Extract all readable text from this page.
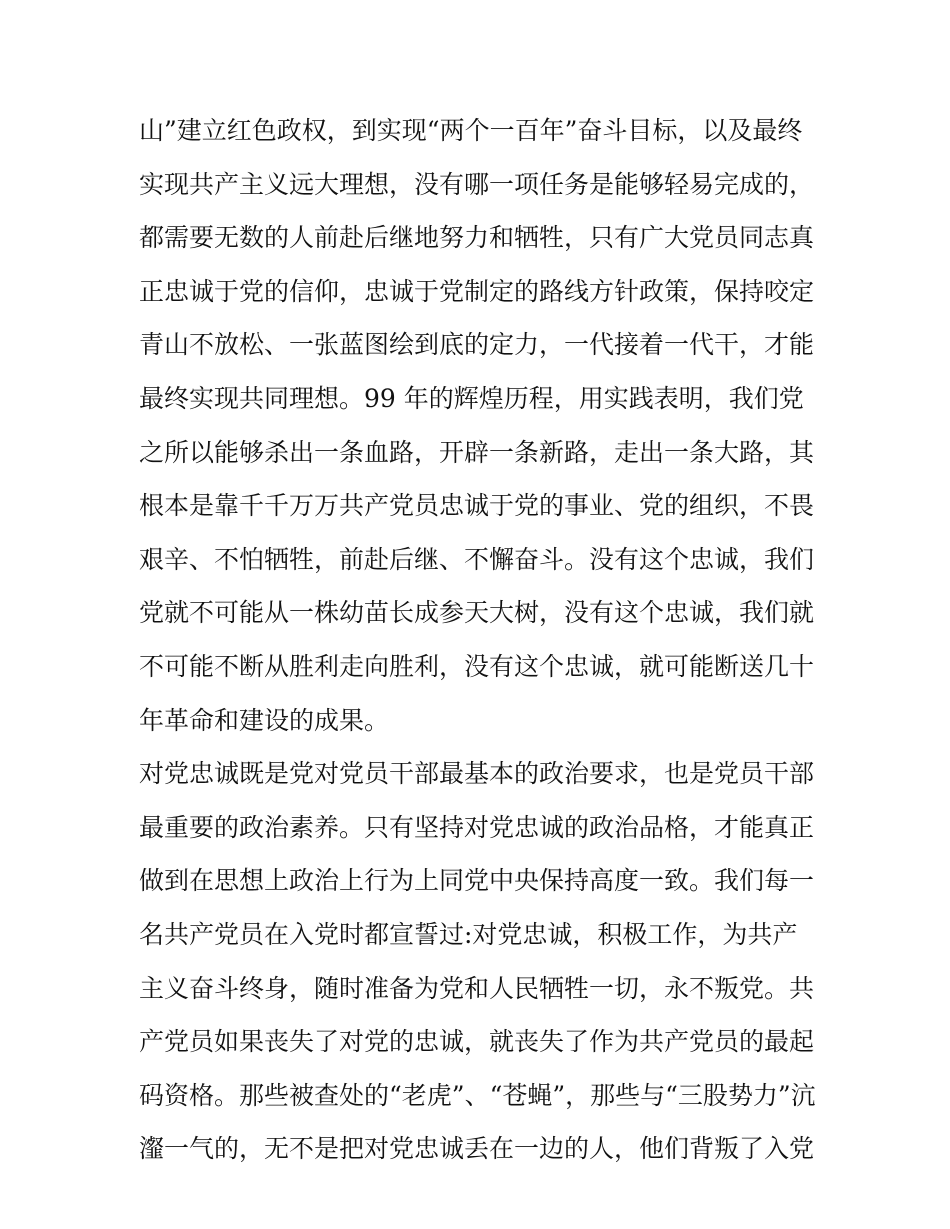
山”建立红色政权，到实现“两个一百年”奋斗目标，以及最终
实现共产主义远大理想，没有哪一项任务是能够轻易完成的，
都需要无数的人前赴后继地努力和牺牲，只有广大党员同志真
正忠诚于党的信仰，忠诚于党制定的路线方针政策，保持咬定
青山不放松、一张蓝图绘到底的定力，一代接着一代干，才能
最终实现共同理想。99 年的辉煌历程，用实践表明，我们党
之所以能够杀出一条血路，开辟一条新路，走出一条大路，其
根本是靠千千万万共产党员忠诚于党的事业、党的组织，不畏
艰辛、不怕牺牲，前赴后继、不懈奋斗。没有这个忠诚，我们
党就不可能从一株幼苗长成参天大树，没有这个忠诚，我们就
不可能不断从胜利走向胜利，没有这个忠诚，就可能断送几十
年革命和建设的成果。
对党忠诚既是党对党员干部最基本的政治要求，也是党员干部
最重要的政治素养。只有坚持对党忠诚的政治品格，才能真正
做到在思想上政治上行为上同党中央保持高度一致。我们每一
名共产党员在入党时都宣誓过:对党忠诚，积极工作，为共产
主义奋斗终身，随时准备为党和人民牺牲一切，永不叛党。共
产党员如果丧失了对党的忠诚，就丧失了作为共产党员的最起
码资格。那些被查处的“老虎”、“苍蝇”，那些与“三股势力”沆
瀣一气的，无不是把对党忠诚丢在一边的人，他们背叛了入党
